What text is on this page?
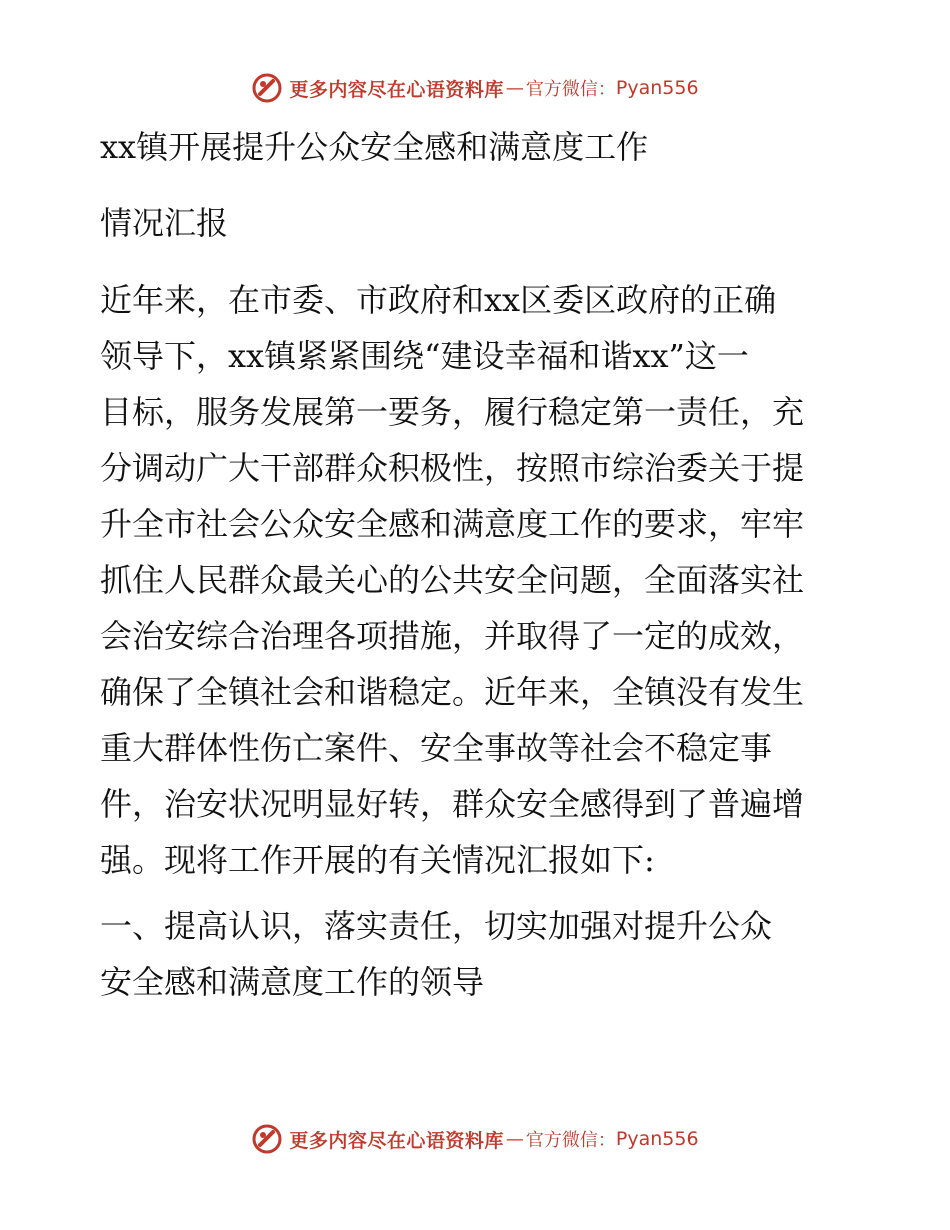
更多内容尽在心语资料库 — 官方微信： Pyan556

xx镇开展提升公众安全感和满意度工作

情况汇报

近年来，在市委、市政府和xx区委区政府的正确

领导下，xx镇紧紧围绕“建设幸福和谐xx”这一

目标，服务发展第一要务，履行稳定第一责任，充

分调动广大干部群众积极性，按照市综治委关于提

升全市社会公众安全感和满意度工作的要求，牢牢

抓住人民群众最关心的公共安全问题，全面落实社

会治安综合治理各项措施，并取得了一定的成效，

确保了全镇社会和谐稳定。近年来，全镇没有发生

重大群体性伤亡案件、安全事故等社会不稳定事

件，治安状况明显好转，群众安全感得到了普遍增

强。现将工作开展的有关情况汇报如下:

一、提高认识，落实责任，切实加强对提升公众

安全感和满意度工作的领导

更多内容尽在心语资料库 — 官方微信： Pyan556
